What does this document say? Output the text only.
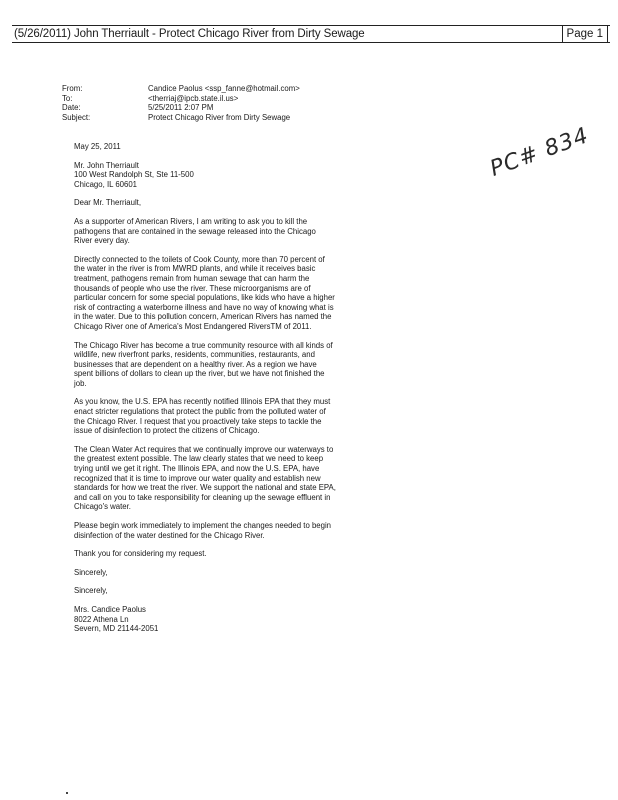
(5/26/2011) John Therriault - Protect Chicago River from Dirty Sewage	Page 1
From:	Candice Paolus <ssp_fanne@hotmail.com>
To:	<therriaj@ipcb.state.il.us>
Date:	5/25/2011 2:07 PM
Subject:	Protect Chicago River from Dirty Sewage
PC# 834

May 25, 2011

Mr. John Therriault
100 West Randolph St, Ste 11-500
Chicago, IL 60601

Dear Mr. Therriault,

As a supporter of American Rivers, I am writing to ask you to kill the pathogens that are contained in the sewage released into the Chicago River every day.

Directly connected to the toilets of Cook County, more than 70 percent of the water in the river is from MWRD plants, and while it receives basic treatment, pathogens remain from human sewage that can harm the thousands of people who use the river. These microorganisms are of particular concern for some special populations, like kids who have a higher risk of contracting a waterborne illness and have no way of knowing what is in the water. Due to this pollution concern, American Rivers has named the Chicago River one of America's Most Endangered RiversTM of 2011.

The Chicago River has become a true community resource with all kinds of wildlife, new riverfront parks, residents, communities, restaurants, and businesses that are dependent on a healthy river. As a region we have spent billions of dollars to clean up the river, but we have not finished the job.

As you know, the U.S. EPA has recently notified Illinois EPA that they must enact stricter regulations that protect the public from the polluted water of the Chicago River. I request that you proactively take steps to tackle the issue of disinfection to protect the citizens of Chicago.

The Clean Water Act requires that we continually improve our waterways to the greatest extent possible. The law clearly states that we need to keep trying until we get it right. The Illinois EPA, and now the U.S. EPA, have recognized that it is time to improve our water quality and establish new standards for how we treat the river. We support the national and state EPA, and call on you to take responsibility for cleaning up the sewage effluent in Chicago's water.

Please begin work immediately to implement the changes needed to begin disinfection of the water destined for the Chicago River.

Thank you for considering my request.

Sincerely,

Sincerely,

Mrs. Candice Paolus
8022 Athena Ln
Severn, MD 21144-2051
